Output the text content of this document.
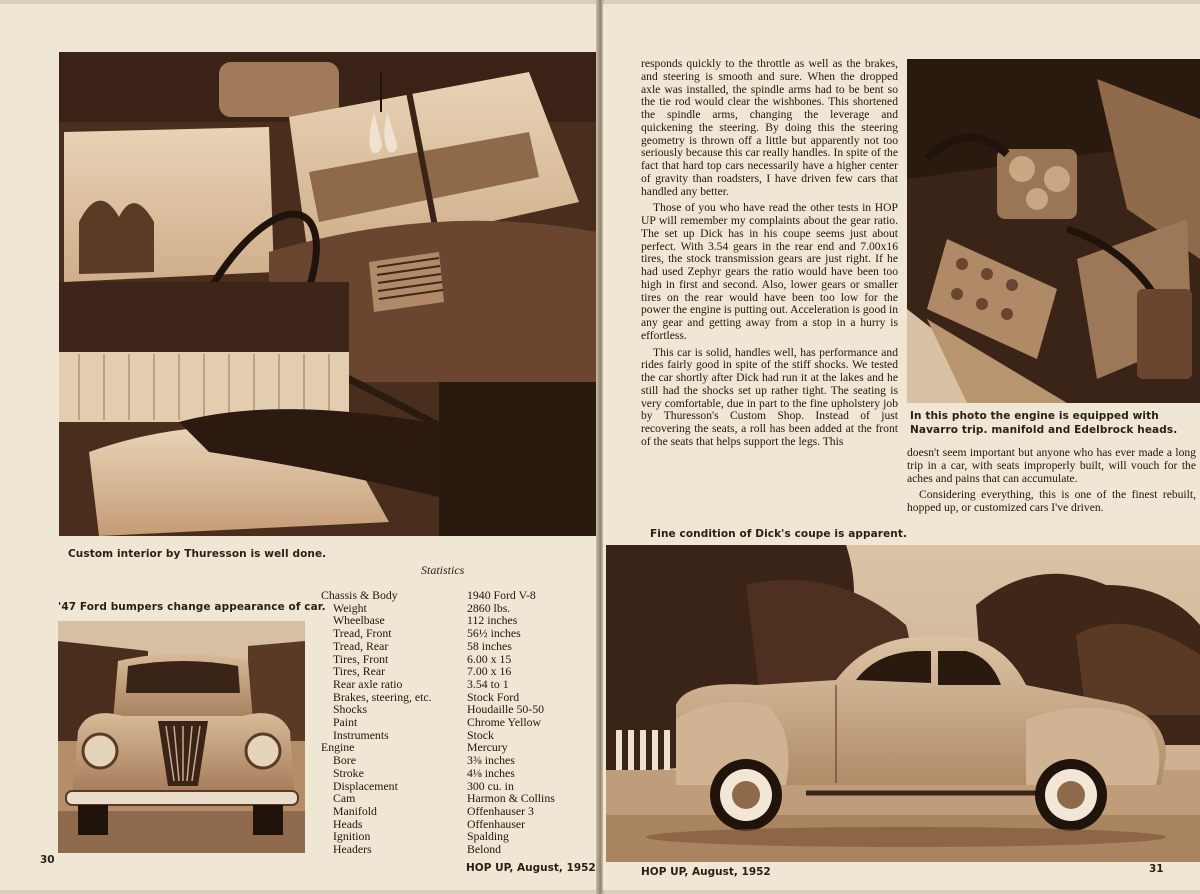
Custom interior by Thuresson is well done.
'47 Ford bumpers change appearance of car.
Statistics
Chassis & Body	1940 Ford V-8
Weight	2860 lbs.
Wheelbase	112 inches
Tread, Front	56½ inches
Tread, Rear	58 inches
Tires, Front	6.00 x 15
Tires, Rear	7.00 x 16
Rear axle ratio	3.54 to 1
Brakes, steering, etc.	Stock Ford
Shocks	Houdaille 50-50
Paint	Chrome Yellow
Instruments	Stock
Engine	Mercury
Bore	3⅜ inches
Stroke	4⅛ inches
Displacement	300 cu. in
Cam	Harmon & Collins
Manifold	Offenhauser 3
Heads	Offenhauser
Ignition	Spalding
Headers	Belond
30
HOP UP, August, 1952

responds quickly to the throttle as well as the brakes, and steering is smooth and sure. When the dropped axle was installed, the spindle arms had to be bent so the tie rod would clear the wishbones. This shortened the spindle arms, changing the leverage and quickening the steering. By doing this the steering geometry is thrown off a little but apparently not too seriously because this car really handles. In spite of the fact that hard top cars necessarily have a higher center of gravity than roadsters, I have driven few cars that handled any better.

Those of you who have read the other tests in HOP UP will remember my complaints about the gear ratio. The set up Dick has in his coupe seems just about perfect. With 3.54 gears in the rear end and 7.00x16 tires, the stock transmission gears are just right. If he had used Zephyr gears the ratio would have been too high in first and second. Also, lower gears or smaller tires on the rear would have been too low for the power the engine is putting out. Acceleration is good in any gear and getting away from a stop in a hurry is effortless.

This car is solid, handles well, has performance and rides fairly good in spite of the stiff shocks. We tested the car shortly after Dick had run it at the lakes and he still had the shocks set up rather tight. The seating is very comfortable, due in part to the fine upholstery job by Thuresson's Custom Shop. Instead of just recovering the seats, a roll has been added at the front of the seats that helps support the legs. This

Fine condition of Dick's coupe is apparent.
In this photo the engine is equipped with
Navarro trip. manifold and Edelbrock heads.

doesn't seem important but anyone who has ever made a long trip in a car, with seats improperly built, will vouch for the aches and pains that can accumulate.

Considering everything, this is one of the finest rebuilt, hopped up, or customized cars I've driven.

HOP UP, August, 1952	31
